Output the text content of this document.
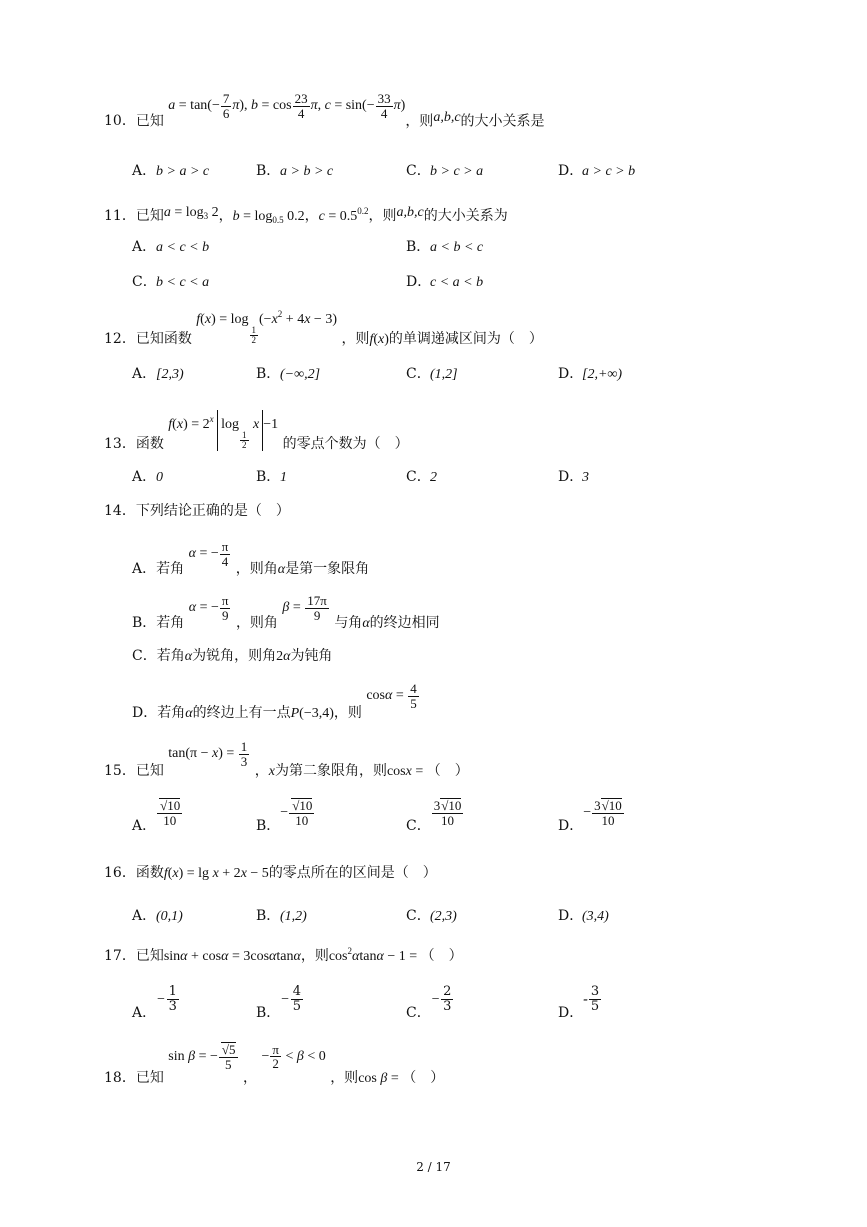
10．已知 $a = \tan(- \frac{7}{6} \pi)$, $b = \cos \frac{23}{4} \pi$, $c = \sin(- \frac{33}{4} \pi)$，则a,b,c的大小关系是
A．b > a > c	B．a > b > c	C．b > c > a	D．a > c > b
11．已知$a = \log_3 2$，$b = \log_{0.5} 0.2$，$c = 0.5^{0.2}$，则a,b,c的大小关系为
A．a < c < b	B．a < b < c
C．b < c < a	D．c < a < b
12．已知函数 f(x) = log
$\frac{1}{2}$
$(-x^2 + 4x - 3)$ ，则f(x)的单调递减区间为（　）
A．[2,3)	B．(−∞,2]	C．(1,2]	D．[2,+∞)
13．函数 $f(x) = 2^x$ log
$\frac{1}{2}$
x −1 的零点个数为（　）
A．0	B．1	C．2	D．3
14．下列结论正确的是（　）
A．若角 α = − $\frac{\pi}{4}$
，则角α是第一象限角
B．若角 α = − $\frac{\pi}{9}$
，则角 $\beta = \frac{17\pi}{9}$
与角α的终边相同
C．若角α为锐角，则角2α为钝角
D．若角α的终边上有一点P(−3,4)，则 $\cos\alpha = \frac{4}{5}$
15．已知 $\tan(\pi - x) = \frac{1}{3}$
，x为第二象限角，则cosx = （　）
A． $\frac{√10}{10}$	B．− $\frac{√10}{10}$	C． $\frac{3√10}{10}$	D．− $\frac{3√10}{10}$
16．函数f(x) = lg x + 2x − 5的零点所在的区间是（　）
A．(0,1)	B．(1,2)	C．(2,3)	D．(3,4)
17．已知sinα + cosα = 3cosαtanα，则$\cos^2\alpha\tan\alpha - 1$ = （　）
A．− $\frac{1}{3}$	B．− $\frac{4}{5}$	C．− $\frac{2}{3}$	D．- $\frac{3}{5}$
18．已知 sin β = − $\frac{√5}{5}$
， − $\frac{\pi}{2} < \beta < 0$ ，则cos β = （　）
2 / 17
